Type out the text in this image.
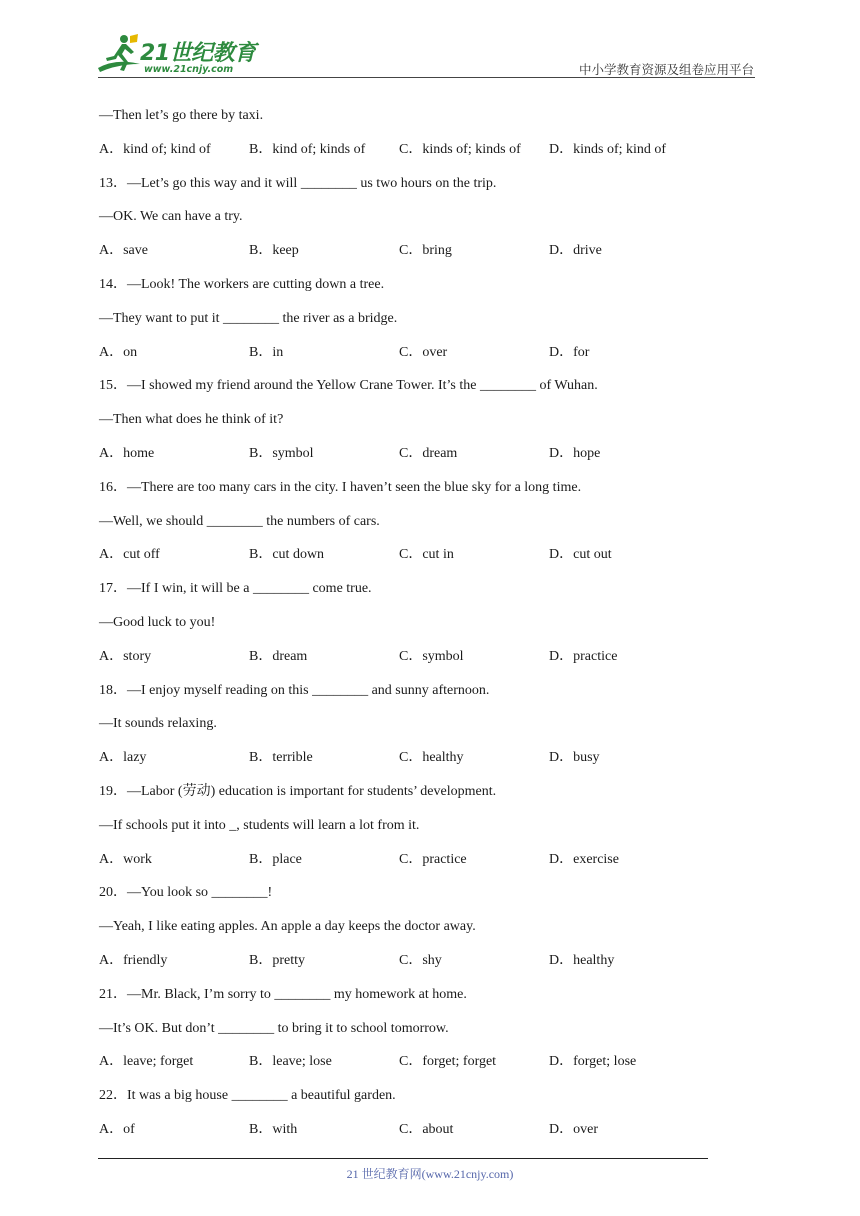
21世纪教育
www.21cnjy.com	中小学教育资源及组卷应用平台
—Then let’s go there by taxi.
A．kind of; kind of	B．kind of; kinds of C．kinds of; kinds of D．kinds of; kind of
13．—Let’s go this way and it will ________ us two hours on the trip.
—OK. We can have a try.
A．save	B．keep	C．bring	D．drive
14．—Look! The workers are cutting down a tree.
—They want to put it ________ the river as a bridge.
A．on	B．in	C．over	D．for
15．—I showed my friend around the Yellow Crane Tower. It’s the ________ of Wuhan.
—Then what does he think of it?
A．home	B．symbol	C．dream	D．hope
16．—There are too many cars in the city. I haven’t seen the blue sky for a long time.
—Well, we should ________ the numbers of cars.
A．cut off	B．cut down	C．cut in	D．cut out
17．—If I win, it will be a ________ come true.
—Good luck to you!
A．story	B．dream	C．symbol	D．practice
18．—I enjoy myself reading on this ________ and sunny afternoon.
—It sounds relaxing.
A．lazy	B．terrible	C．healthy	D．busy
19．—Labor (劳动) education is important for students’ development.
—If schools put it into _, students will learn a lot from it.
A．work	B．place	C．practice	D．exercise
20．—You look so ________!
—Yeah, I like eating apples. An apple a day keeps the doctor away.
A．friendly	B．pretty	C．shy	D．healthy
21．—Mr. Black, I’m sorry to ________ my homework at home.
—It’s OK. But don’t ________ to bring it to school tomorrow.
A．leave; forget	B．leave; lose	C．forget; forget	D．forget; lose
22．It was a big house ________ a beautiful garden.
A．of	B．with	C．about	D．over
21 世纪教育网(www.21cnjy.com)
